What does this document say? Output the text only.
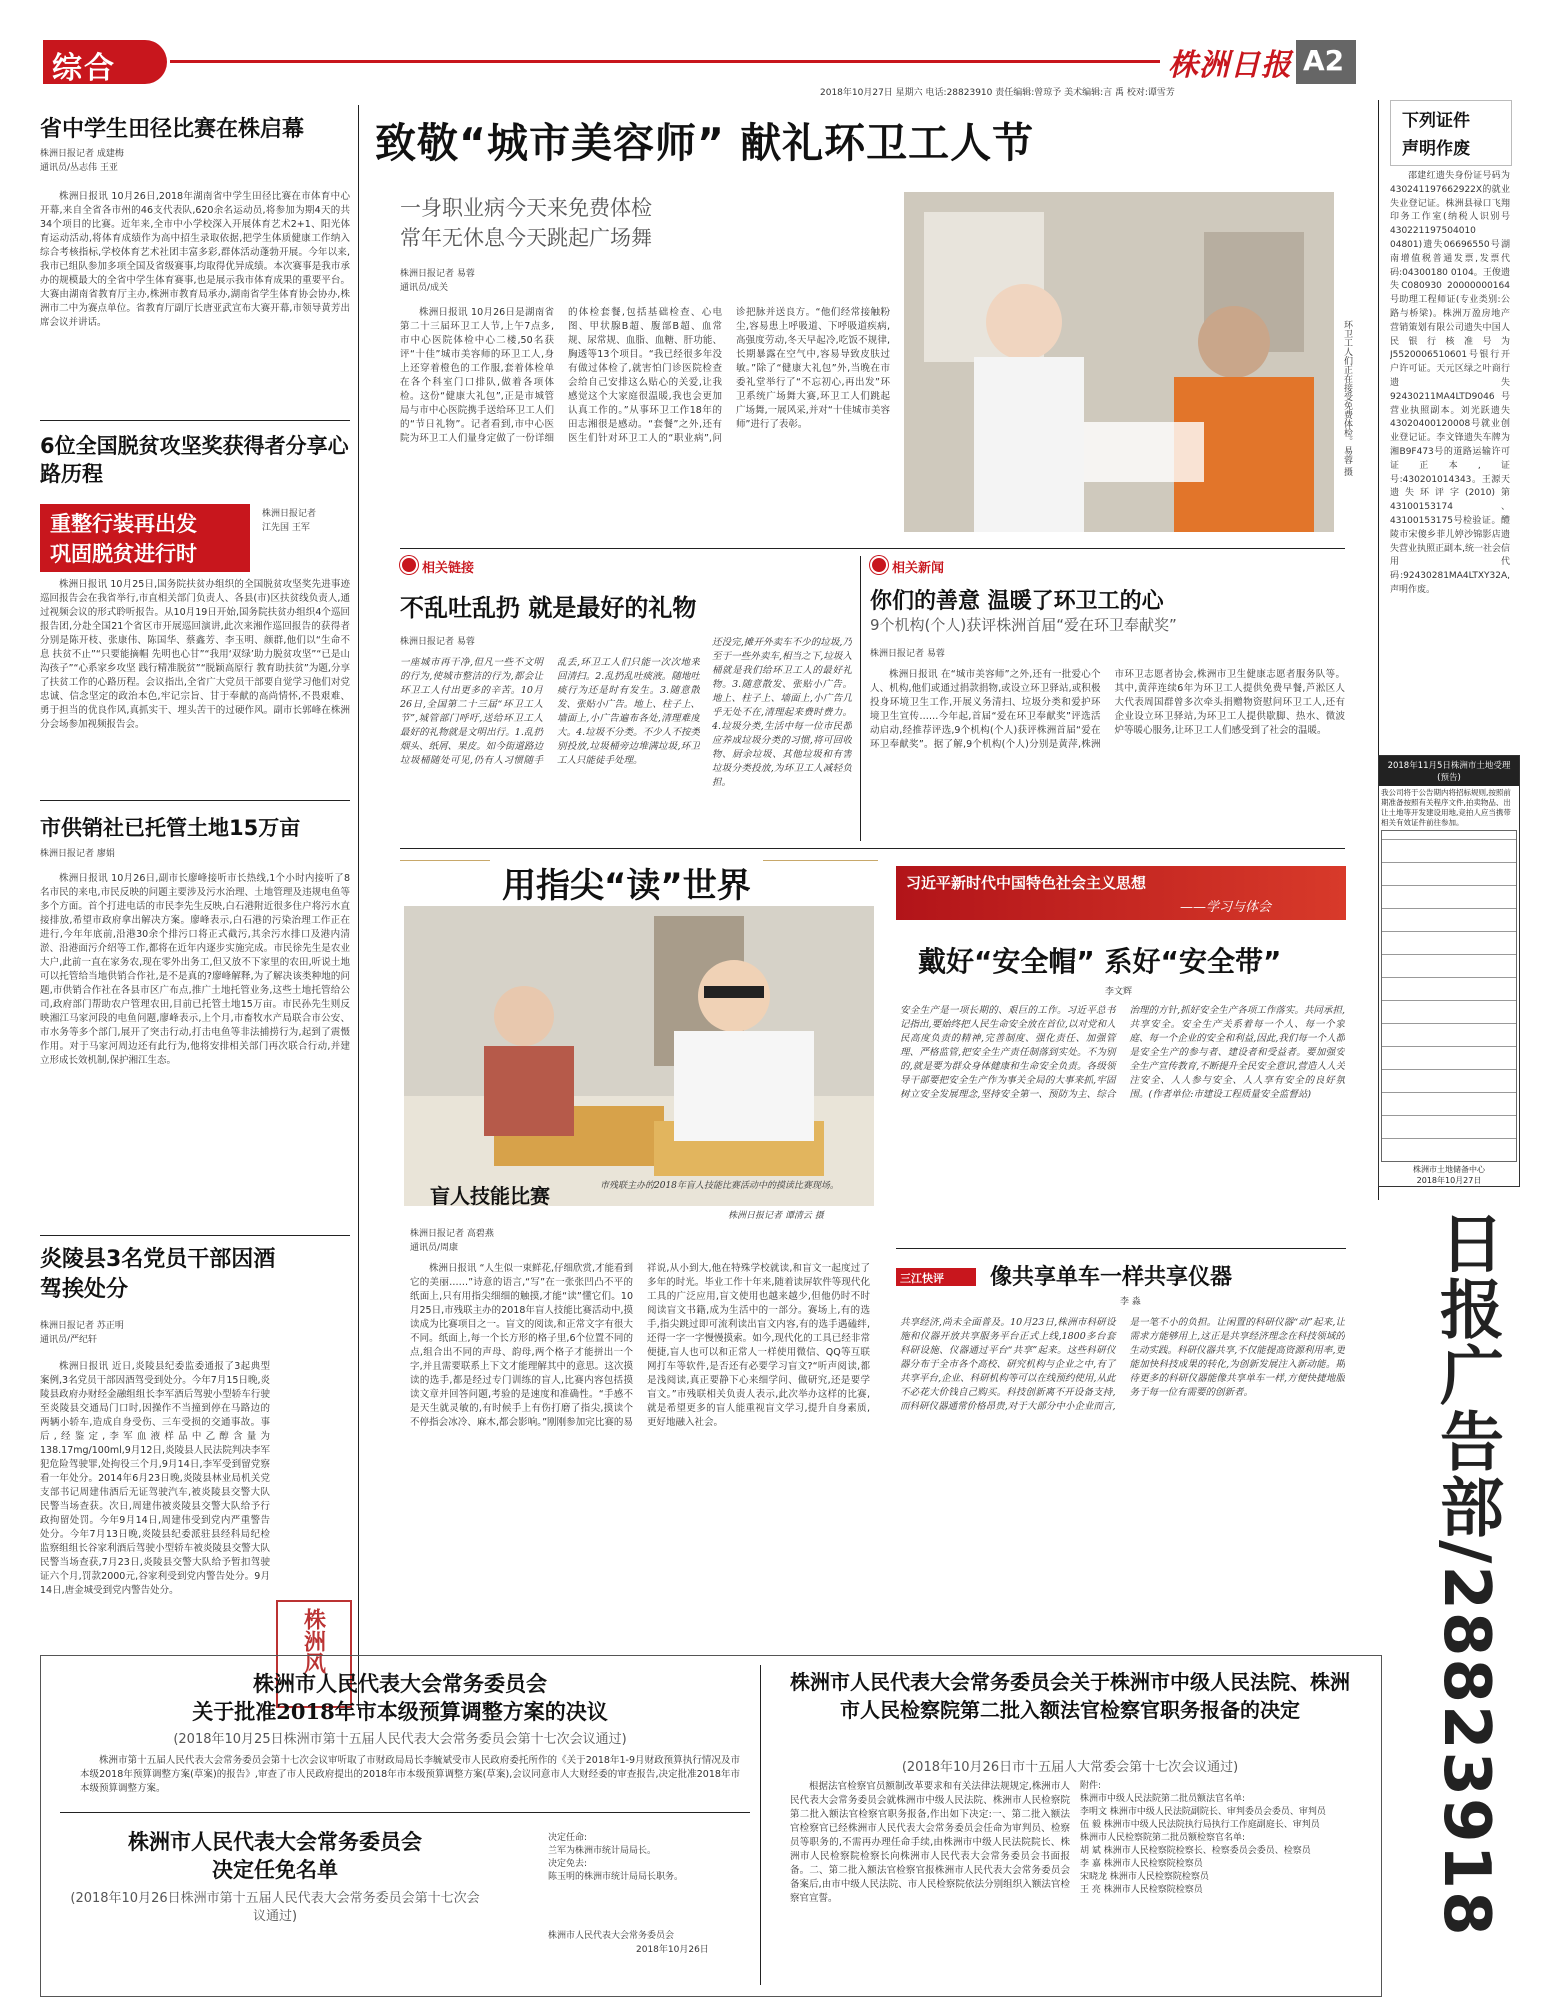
综合	株洲日报 A2
2018年10月27日 星期六 电话:28823910 责任编辑:曾琼予 美术编辑:言 禹 校对:谭雪芳
省中学生田径比赛在株启幕
株洲日报记者 成建梅
通讯员/丛志伟 王亚
株洲日报讯 10月26日,2018年湖南省中学生田径比赛在市体育中心开幕,来自全省各市州的46支代表队,620余名运动员,将参加为期4天的共34个项目的比赛。近年来,全市中小学校深入开展体育艺术2+1、阳光体育运动活动,将体育成绩作为高中招生录取依据,把学生体质健康工作纳入综合考核指标,学校体育艺术社团丰富多彩,群体活动蓬勃开展。今年以来,我市已组队参加多项全国及省级赛事,均取得优异成绩。本次赛事是我市承办的规模最大的全省中学生体育赛事,也是展示我市体育成果的重要平台。大赛由湖南省教育厅主办,株洲市教育局承办,湖南省学生体育协会协办,株洲市二中为赛点单位。省教育厅副厅长唐亚武宣布大赛开幕,市领导黄芳出席会议并讲话。
6位全国脱贫攻坚奖获得者分享心路历程
重整行装再出发
巩固脱贫进行时
株洲日报记者
江先国 王军
株洲日报讯 10月25日,国务院扶贫办组织的全国脱贫攻坚奖先进事迹巡回报告会在我省举行,市直相关部门负责人、各县(市)区扶贫线负责人,通过视频会议的形式聆听报告。从10月19日开始,国务院扶贫办组织4个巡回报告团,分赴全国21个省区市开展巡回演讲,此次来湘作巡回报告的获得者分别是陈开枝、张康伟、陈国华、蔡鑫芳、李玉明、颜群,他们以“生命不息 扶贫不止”“只要能摘帽 先明也心甘”“我用‘双绿’助力脱贫攻坚”“已是山沟孩子”“心系家乡攻坚 践行精准脱贫”“脱颖高原行 教育助扶贫”为题,分享了扶贫工作的心路历程。会议指出,全省广大党员干部要自觉学习他们对党忠诚、信念坚定的政治本色,牢记宗旨、甘于奉献的高尚情怀,不畏艰难、勇于担当的优良作风,真抓实干、埋头苦干的过硬作风。副市长郭峰在株洲分会场参加视频报告会。
市供销社已托管土地15万亩
株洲日报记者 廖娟
株洲日报讯 10月26日,副市长廖峰接听市长热线,1个小时内接听了8名市民的来电,市民反映的问题主要涉及污水治理、土地管理及违规电鱼等多个方面。首个打进电话的市民李先生反映,白石港附近很多住户将污水直接排放,希望市政府拿出解决方案。廖峰表示,白石港的污染治理工作正在进行,今年年底前,沿港30余个排污口将正式截污,其余污水排口及港内清淤、沿港面污介绍等工作,都将在近年内逐步实施完成。市民徐先生是农业大户,此前一直在家务农,现在零外出务工,但又放不下家里的农田,听说土地可以托管给当地供销合作社,是不是真的?廖峰解释,为了解决该类种地的问题,市供销合作社在各县市区广布点,推广土地托管业务,这些土地托管给公司,政府部门帮助农户管理农田,目前已托管土地15万亩。市民孙先生则反映湘江马家河段的电鱼问题,廖峰表示,上个月,市畜牧水产局联合市公安、市水务等多个部门,展开了突击行动,打击电鱼等非法捕捞行为,起到了震慑作用。对于马家河周边还有此行为,他将安排相关部门再次联合行动,并建立形成长效机制,保护湘江生态。
炎陵县3名党员干部因酒驾挨处分
株洲日报记者 苏正明
通讯员/严纪轩
株洲日报讯 近日,炎陵县纪委监委通报了3起典型案例,3名党员干部因酒驾受到处分。今年7月15日晚,炎陵县政府办财经金融组组长李军酒后驾驶小型轿车行驶至炎陵县交通局门口时,因操作不当撞到停在马路边的两辆小轿车,造成自身受伤、三车受损的交通事故。事后,经鉴定,李军血液样品中乙醇含量为138.17mg/100ml,9月12日,炎陵县人民法院判决李军犯危险驾驶罪,处拘役三个月,9月14日,李军受到留党察看一年处分。2014年6月23日晚,炎陵县林业局机关党支部书记周建伟酒后无证驾驶汽车,被炎陵县交警大队民警当场查获。次日,周建伟被炎陵县交警大队给予行政拘留处罚。今年9月14日,周建伟受到党内严重警告处分。今年7月13日晚,炎陵县纪委派驻县经科局纪检监察组组长谷家利酒后驾驶小型轿车被炎陵县交警大队民警当场查获,7月23日,炎陵县交警大队给予暂扣驾驶证六个月,罚款2000元,谷家利受到党内警告处分。9月14日,唐金城受到党内警告处分。
株洲风
致敬“城市美容师” 献礼环卫工人节
一身职业病今天来免费体检
常年无休息今天跳起广场舞
株洲日报记者 易蓉
通讯员/成关
株洲日报讯 10月26日是湖南省第二十三届环卫工人节,上午7点多,市中心医院体检中心二楼,50名获评“十佳”城市美容师的环卫工人,身上还穿着橙色的工作服,套着体检单在各个科室门口排队,做着各项体检。这份“健康大礼包”,正是市城管局与市中心医院携手送给环卫工人们的“节日礼物”。记者看到,市中心医院为环卫工人们量身定做了一份详细的体检套餐,包括基础检查、心电图、甲状腺B超、腹部B超、血常规、尿常规、血脂、血糖、肝功能、胸透等13个项目。“我已经很多年没有做过体检了,就害怕门诊医院检查会给自己安排这么贴心的关爱,让我感觉这个大家庭很温暖,我也会更加认真工作的。”从事环卫工作18年的田志湘很是感动。“套餐”之外,还有医生们针对环卫工人的“职业病”,问诊把脉并送良方。“他们经常接触粉尘,容易患上呼吸道、下呼吸道疾病,高强度劳动,冬天早起冷,吃饭不规律,长期暴露在空气中,容易导致皮肤过敏。”除了“健康大礼包”外,当晚在市委礼堂举行了“不忘初心,再出发”环卫系统广场舞大赛,环卫工人们跳起广场舞,一展风采,并对“十佳城市美容师”进行了表彰。	环卫工人们正在接受免费体检。易蓉 摄
相关链接
不乱吐乱扔 就是最好的礼物
株洲日报记者 易蓉
一座城市再干净,但凡一些不文明的行为,使城市整洁的行为,都会让环卫工人付出更多的辛苦。10月26日,全国第二十三届“环卫工人节”,城管部门呼吁,送给环卫工人最好的礼物就是文明出行。1.乱扔烟头、纸屑、果皮。如今街道路边垃圾桶随处可见,仍有人习惯随手乱丢,环卫工人们只能一次次地来回清扫。2.乱扔乱吐痰液。随地吐痰行为还是时有发生。3.随意散发、张贴小广告。地上、柱子上、墙面上,小广告遍布各处,清理难度大。4.垃圾不分类。不少人不按类别投放,垃圾桶旁边堆满垃圾,环卫工人只能徒手处理。
还没完,摊开外卖车不少的垃圾,乃至于一些外卖车,相当之下,垃圾入桶就是我们给环卫工人的最好礼物。3.随意散发、张贴小广告。地上、柱子上、墙面上,小广告几乎无处不在,清理起来费时费力。4.垃圾分类,生活中每一位市民都应养成垃圾分类的习惯,将可回收物、厨余垃圾、其他垃圾和有害垃圾分类投放,为环卫工人减轻负担。
相关新闻
你们的善意 温暖了环卫工的心
9个机构(个人)获评株洲首届“爱在环卫奉献奖”
株洲日报记者 易蓉
株洲日报讯 在“城市美容师”之外,还有一批爱心个人、机构,他们或通过捐款捐物,或设立环卫驿站,或积极投身环境卫生工作,开展义务清扫、垃圾分类和爱护环境卫生宣传……今年起,首届“爱在环卫奉献奖”评选活动启动,经推荐评选,9个机构(个人)获评株洲首届“爱在环卫奉献奖”。据了解,9个机构(个人)分别是黄萍,株洲市环卫志愿者协会,株洲市卫生健康志愿者服务队等。其中,黄萍连续6年为环卫工人提供免费早餐,芦淞区人大代表周国群曾多次牵头捐赠物资慰问环卫工人,还有企业设立环卫驿站,为环卫工人提供歇脚、热水、微波炉等暖心服务,让环卫工人们感受到了社会的温暖。
用指尖“读”世界
盲人技能比赛	市残联主办的2018年盲人技能比赛活动中的摸读比赛现场。
株洲日报记者 谭清云 摄
株洲日报记者 高碧燕
通讯员/周康
株洲日报讯 “人生似一束鲜花,仔细欣赏,才能看到它的美丽……”诗意的语言,“写”在一张张凹凸不平的纸面上,只有用指尖细细的触摸,才能“读”懂它们。10月25日,市残联主办的2018年盲人技能比赛活动中,摸读成为比赛项目之一。盲文的阅读,和正常文字有很大不同。纸面上,每一个长方形的格子里,6个位置不同的点,组合出不同的声母、韵母,两个格子才能拼出一个字,并且需要联系上下文才能理解其中的意思。这次摸读的选手,都是经过专门训练的盲人,比赛内容包括摸读文章并回答问题,考验的是速度和准确性。“手感不是天生就灵敏的,有时候手上有伤打磨了指尖,摸读个不停指会冰冷、麻木,都会影响。”刚刚参加完比赛的易祥说,从小到大,他在特殊学校就读,和盲文一起度过了多年的时光。毕业工作十年来,随着读屏软件等现代化工具的广泛应用,盲文使用也越来越少,但他仍时不时阅读盲文书籍,成为生活中的一部分。赛场上,有的选手,指尖跳过即可流利读出盲文内容,有的选手遇磕绊,还得一字一字慢慢摸索。如今,现代化的工具已经非常便捷,盲人也可以和正常人一样使用微信、QQ等互联网打车等软件,是否还有必要学习盲文?“听声阅读,都是浅阅读,真正要静下心来细学问、做研究,还是要学盲文。”市残联相关负责人表示,此次举办这样的比赛,就是希望更多的盲人能重视盲文学习,提升自身素质,更好地融入社会。
习近平新时代中国特色社会主义思想
——学习与体会
戴好“安全帽” 系好“安全带”
李文辉
安全生产是一项长期的、艰巨的工作。习近平总书记指出,要始终把人民生命安全放在首位,以对党和人民高度负责的精神,完善制度、强化责任、加强管理、严格监管,把安全生产责任制落到实处。不为别的,就是要为群众身体健康和生命安全负责。各级领导干部要把安全生产作为事关全局的大事来抓,牢固树立安全发展理念,坚持安全第一、预防为主、综合治理的方针,抓好安全生产各项工作落实。共同承担,共享安全。安全生产关系着每一个人、每一个家庭、每一个企业的安全和利益,因此,我们每一个人都是安全生产的参与者、建设者和受益者。要加强安全生产宣传教育,不断提升全民安全意识,营造人人关注安全、人人参与安全、人人享有安全的良好氛围。(作者单位:市建设工程质量安全监督站)
三江快评 像共享单车一样共享仪器
李 淼
共享经济,尚未全面普及。10月23日,株洲市科研设施和仪器开放共享服务平台正式上线,1800多台套科研设施、仪器通过平台“共享”起来。这些科研仪器分布于全市各个高校、研究机构与企业之中,有了共享平台,企业、科研机构等可以在线预约使用,从此不必花大价钱自己购买。科技创新离不开设备支持,而科研仪器通常价格昂贵,对于大部分中小企业而言,是一笔不小的负担。让闲置的科研仪器“动”起来,让需求方能够用上,这正是共享经济理念在科技领域的生动实践。科研仪器共享,不仅能提高资源利用率,更能加快科技成果的转化,为创新发展注入新动能。期待更多的科研仪器能像共享单车一样,方便快捷地服务于每一位有需要的创新者。
下列证件
声明作废
邵建红遗失身份证号码为430241197662922X的就业失业登记证。株洲县禄口飞翔印务工作室(纳税人识别号430221197504010 04801)遗失06696550号湖南增值税普通发票,发票代码:04300180 0104。王俊遗失C080930 20000000164号助理工程师证(专业类别:公路与桥梁)。株洲万盈房地产营销策划有限公司遗失中国人民银行核准号为J5520006510601号银行开户许可证。天元区绿之叶商行遗失92430211MA4LTD9046号营业执照副本。刘光跃遗失43020400120008号就业创业登记证。李文锋遗失车牌为湘B9F473号的道路运输许可证正本,证号:430201014343。王源天遗失环评字(2010)第43100153174、43100153175号检验证。醴陵市宋傻乡菲儿婷沙锦影店遗失营业执照正副本,统一社会信用代码:92430281MA4LTXY32A,声明作废。
2018年11月5日株洲市土地受理(预告)
我公司将于公告期内将招标规则,按照前期准备按照有关程序文件,拍卖物品、出让土地等开发建设用地,竞拍人应当携带相关有效证件前往参加。
株洲市土地储备中心
2018年10月27日
日报广告部/28823918
株洲市人民代表大会常务委员会
关于批准2018年市本级预算调整方案的决议
(2018年10月25日株洲市第十五届人民代表大会常务委员会第十七次会议通过)
株洲市第十五届人民代表大会常务委员会第十七次会议审听取了市财政局局长李毓斌受市人民政府委托所作的《关于2018年1-9月财政预算执行情况及市本级2018年预算调整方案(草案)的报告》,审查了市人民政府提出的2018年市本级预算调整方案(草案),会议同意市人大财经委的审查报告,决定批准2018年市本级预算调整方案。
株洲市人民代表大会常务委员会
决定任免名单
(2018年10月26日株洲市第十五届人民代表大会常务委员会第十七次会议通过)
决定任命:
兰军为株洲市统计局局长。
决定免去:
陈玉明的株洲市统计局局长职务。
株洲市人民代表大会常务委员会
2018年10月26日
株洲市人民代表大会常务委员会关于株洲市中级人民法院、株洲市人民检察院第二批入额法官检察官职务报备的决定
(2018年10月26日市十五届人大常委会第十七次会议通过)
根据法官检察官员额制改革要求和有关法律法规规定,株洲市人民代表大会常务委员会就株洲市中级人民法院、株洲市人民检察院第二批入额法官检察官职务报备,作出如下决定:一、第二批入额法官检察官已经株洲市人民代表大会常务委员会任命为审判员、检察员等职务的,不需再办理任命手续,由株洲市中级人民法院院长、株洲市人民检察院检察长向株洲市人民代表大会常务委员会书面报备。二、第二批入额法官检察官报株洲市人民代表大会常务委员会备案后,由市中级人民法院、市人民检察院依法分别组织入额法官检察官宣誓。
附件:
株洲市中级人民法院第二批员额法官名单:
李明文 株洲市中级人民法院副院长、审判委员会委员、审判员
伍 毅 株洲市中级人民法院执行局执行工作庭副庭长、审判员
株洲市人民检察院第二批员额检察官名单:
胡 斌 株洲市人民检察院检察长、检察委员会委员、检察员
李 嘉 株洲市人民检察院检察员
宋晓龙 株洲市人民检察院检察员
王 亮 株洲市人民检察院检察员
